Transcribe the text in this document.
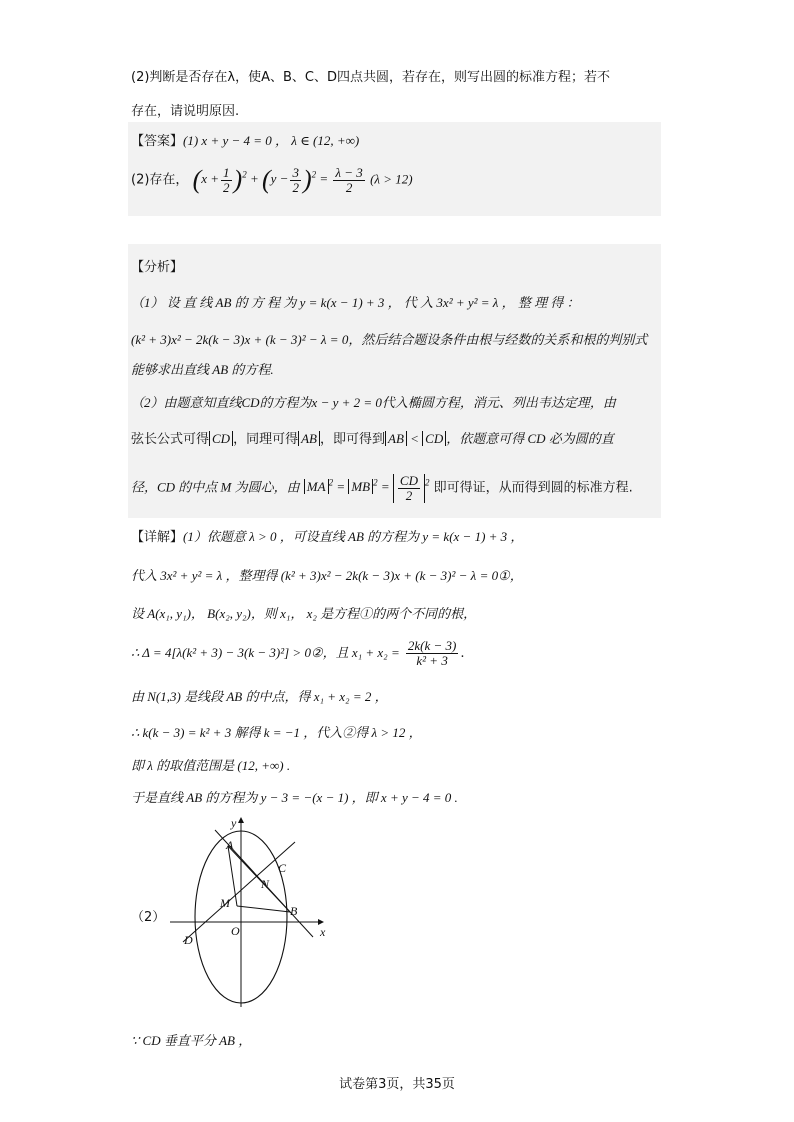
(2)判断是否存在λ，使A、B、C、D四点共圆，若存在，则写出圆的标准方程；若不
存在，请说明原因.
【答案】(1) x + y − 4 = 0 ， λ ∈ (12, +∞)
(2)存在， $(x + \frac{1}{2} )^2 + (y - \frac{3}{2} )^2 = \frac{\lambda - 3}{2} (\lambda > 12)$
【分析】
（1） 设 直 线 AB 的 方 程 为 y = k(x − 1) + 3 ， 代 入 3x² + y² = λ ， 整 理 得 ：
(k² + 3)x² − 2k(k − 3)x + (k − 3)² − λ = 0，然后结合题设条件由根与经数的关系和根的判别式
能够求出直线 AB 的方程.
（2）由题意知直线CD的方程为x − y + 2 = 0代入椭圆方程，消元、列出韦达定理，由
弦长公式可得 CD ，同理可得 AB ，即可得到 AB < CD ，依题意可得 CD 必为圆的直
径，CD 的中点 M 为圆心，由 MA $^2$ = MB $^2 = \frac{CD}{2} ^2$ 即可得证，从而得到圆的标准方程.
【详解】(1）依题意 λ > 0 ，可设直线 AB 的方程为 y = k(x − 1) + 3 ，
代入 3x² + y² = λ ，整理得 (k² + 3)x² − 2k(k − 3)x + (k − 3)² − λ = 0①，
设 A(x₁, y₁)， B(x₂, y₂)，则 x₁， x₂ 是方程①的两个不同的根，
∴ Δ = 4[λ(k² + 3) − 3(k − 3)²] > 0②，且 $x_1 + x_2 = \frac{2k(k - 3)}{\text{k² + 3}}$ .
由 N(1,3) 是线段 AB 的中点，得 x₁ + x₂ = 2 ，
∴ k(k − 3) = k² + 3 解得 k = −1 ，代入②得 λ > 12 ，
即 λ 的取值范围是 (12, +∞) .
于是直线 AB 的方程为 y − 3 = −(x − 1) ，即 x + y − 4 = 0 .
（2）
y
x
A
B
C
D
N
M
O
∵ CD 垂直平分 AB ，
试卷第3页，共35页
